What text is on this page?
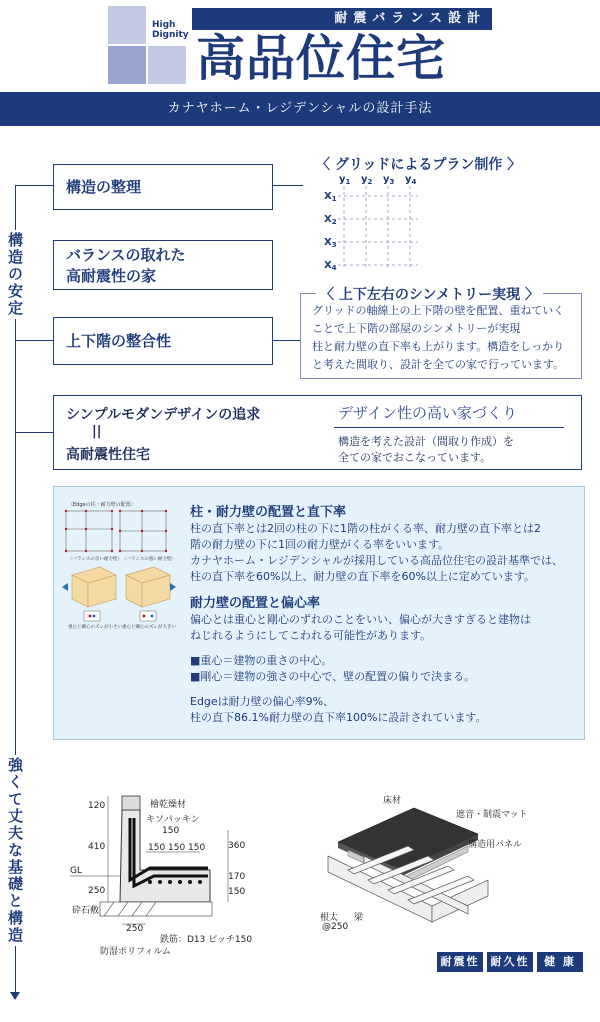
High
Dignity
耐震バランス設計
高品位住宅
カナヤホーム・レジデンシャルの設計手法
構造の安定
強くて丈夫な基礎と構造
構造の整理
バランスの取れた
高耐震性の家
上下階の整合性
〈 グリッドによるプラン制作 〉
$y_1$ $y_2$ $y_3$ $y_4$
$X_1$
$X_2$
$X_3$
$X_4$
〈 上下左右のシンメトリー実現 〉
グリッドの軸線上の上下階の壁を配置、重ねていく
ことで上下階の部屋のシンメトリーが実現
柱と耐力壁の直下率も上がります。構造をしっかり
と考えた間取り、設計を全ての家で行っています。
シンプルモダンデザインの追求
||
高耐震性住宅
デザイン性の高い家づくり
構造を考えた設計（間取り作成）を
全ての家でおこなっています。
〈Edgeの柱・耐力壁の配置〉
〈バランスの良い耐力壁〉 〈バランスの悪い耐力壁〉
重心と剛心のズレが小さい 重心と剛心のズレが大きい
柱・耐力壁の配置と直下率
柱の直下率とは2回の柱の下に1階の柱がくる率、耐力壁の直下率とは2
階の耐力壁の下に1回の耐力壁がくる率をいいます。
カナヤホーム・レジデンシャルが採用している高品位住宅の設計基準では、
柱の直下率を60%以上、耐力壁の直下率を60%以上に定めています。
耐力壁の配置と偏心率
偏心とは重心と剛心のずれのことをいい、偏心が大きすぎると建物は
ねじれるようにしてこわれる可能性があります。
■重心＝建物の重さの中心。
■剛心＝建物の強さの中心で、壁の配置の偏りで決まる。
Edgeは耐力壁の偏心率9%、
柱の直下86.1%耐力壁の直下率100%に設計されています。
檜乾燥材
キソパッキン
GL
砕石敷
鉄筋：D13 ピッチ150
防湿ポリフィルム
120
410
250
150
150 150 150	360
170
150
250
床材
遮音・制震マット
構造用パネル
根太
@250
梁
耐震性	耐久性	健 康
